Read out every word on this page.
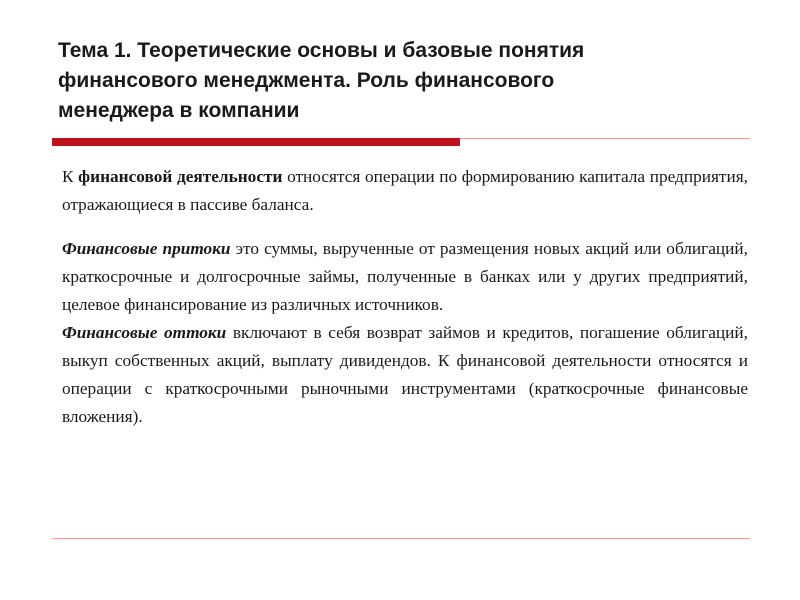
Тема 1. Теоретические основы и базовые понятия
финансового менеджмента. Роль финансового
менеджера в компании

К финансовой деятельности относятся операции по формированию капитала предприятия, отражающиеся в пассиве баланса.

Финансовые притоки это суммы, вырученные от размещения новых акций или облигаций, краткосрочные и долгосрочные займы, полученные в банках или у других предприятий, целевое финансирование из различных источников.

Финансовые оттоки включают в себя возврат займов и кредитов, погашение облигаций, выкуп собственных акций, выплату дивидендов. К финансовой деятельности относятся и операции с краткосрочными рыночными инструментами (краткосрочные финансовые вложения).
